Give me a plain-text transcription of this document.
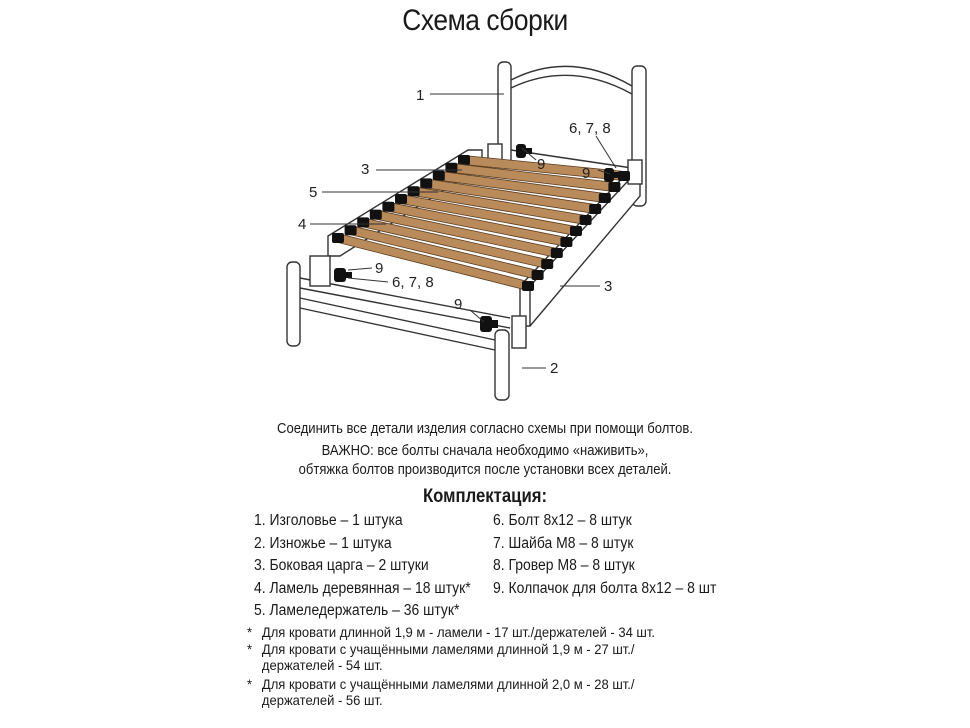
Схема сборки
1
2
3
3
4
5
6, 7, 8
6, 7, 8
9
9
9
9
Соединить все детали изделия согласно схемы при помощи болтов.
ВАЖНО: все болты сначала необходимо «наживить»,
обтяжка болтов производится после установки всех деталей.
Комплектация:
1. Изголовье – 1 штука
2. Изножье – 1 штука
3. Боковая царга – 2 штуки
4. Ламель деревянная – 18 штук*
5. Ламеледержатель – 36 штук*
6. Болт 8х12 – 8 штук
7. Шайба М8 – 8 штук
8. Гровер М8 – 8 штук
9. Колпачок для болта 8х12 – 8 шт
* Для кровати длинной 1,9 м - ламели - 17 шт./держателей - 34 шт.
* Для кровати с учащёнными ламелями длинной 1,9 м - 27 шт./
держателей - 54 шт.
* Для кровати с учащёнными ламелями длинной 2,0 м - 28 шт./
держателей - 56 шт.
